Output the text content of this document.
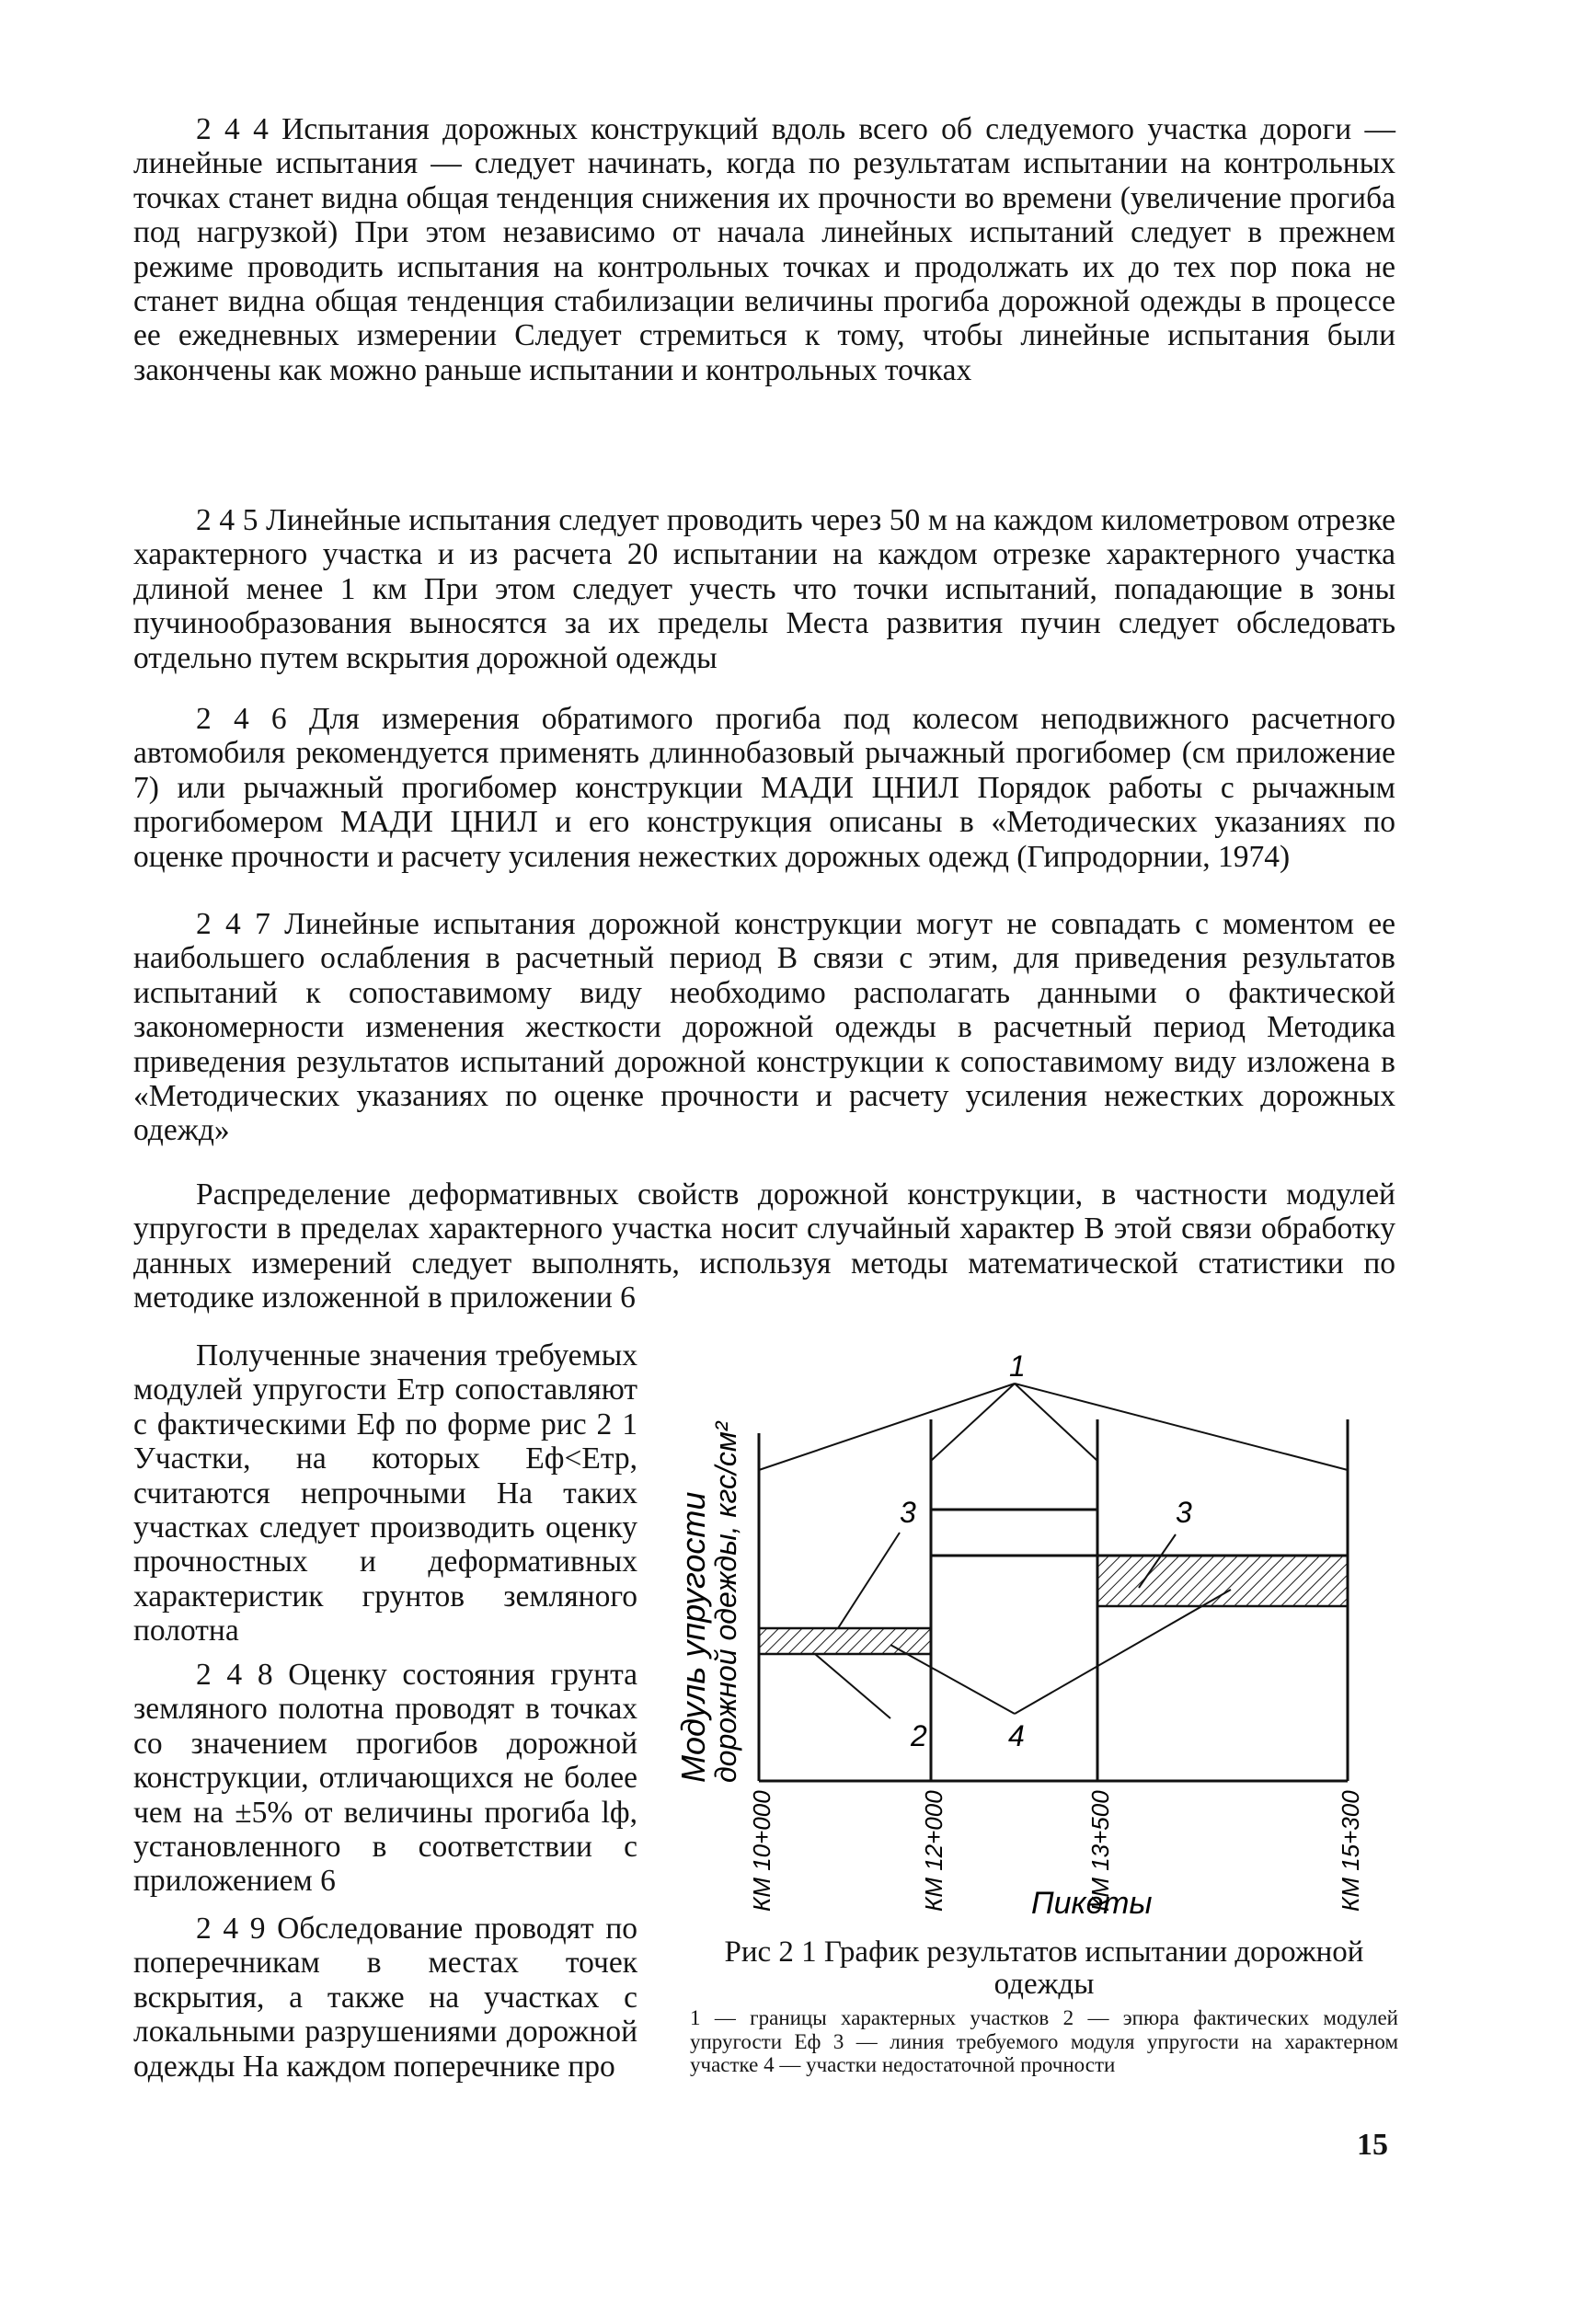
2 4 4 Испытания дорожных конструкций вдоль всего об следуемого участка дороги — линейные испытания — следует начинать, когда по результатам испытании на контрольных точках станет видна общая тенденция снижения их прочности во времени (увеличение прогиба под нагрузкой) При этом независимо от начала линейных испытаний следует в прежнем режиме проводить испытания на контрольных точках и продолжать их до тех пор пока не станет видна общая тенденция стабилизации величины прогиба дорожной одежды в процессе ее ежедневных измерении Следует стремиться к тому, чтобы линейные испытания были закончены как можно раньше испытании и контрольных точках

2 4 5 Линейные испытания следует проводить через 50 м на каждом километровом отрезке характерного участка и из расчета 20 испытании на каждом отрезке характерного участка длиной менее 1 км При этом следует учесть что точки испытаний, попадающие в зоны пучинообразования выносятся за их пределы Места развития пучин следует обследовать отдельно путем вскрытия дорожной одежды

2 4 6 Для измерения обратимого прогиба под колесом неподвижного расчетного автомобиля рекомендуется применять длиннобазовый рычажный прогибомер (см приложение 7) или рычажный прогибомер конструкции МАДИ ЦНИЛ Порядок работы с рычажным прогибомером МАДИ ЦНИЛ и его конструкция описаны в «Методических указаниях по оценке прочности и расчету усиления нежестких дорожных одежд (Гипродорнии, 1974)

2 4 7 Линейные испытания дорожной конструкции могут не совпадать с моментом ее наибольшего ослабления в расчетный период В связи с этим, для приведения результатов испытаний к сопоставимому виду необходимо располагать данными о фактической закономерности изменения жесткости дорожной одежды в расчетный период Методика приведения результатов испытаний дорожной конструкции к сопоставимому виду изложена в «Методических указаниях по оценке прочности и расчету усиления нежестких дорожных одежд»

Распределение деформативных свойств дорожной конструкции, в частности модулей упругости в пределах характерного участка носит случайный характер В этой связи обработку данных измерений следует выполнять, используя методы математической статистики по методике изложенной в приложении 6

Полученные значения требуемых модулей упругости Eтр сопоставляют с фактическими Eф по форме рис 2 1 Участки, на которых Eф<Eтр, считаются непрочными На таких участках следует производить оценку прочностных и деформативных характеристик грунтов земляного полотна

2 4 8 Оценку состояния грунта земляного полотна проводят в точках со значением прогибов дорожной конструкции, отличающихся не более чем на ±5% от величины прогиба lф, установленного в соответствии с приложением 6

2 4 9 Обследование проводят по поперечникам в местах точек вскрытия, а также на участках с локальными разрушениями дорожной одежды На каждом поперечнике про

1
2
3	3
4
Модуль упругости
дорожной одежды, кгс/см²
КМ 10+000	КМ 12+000	КМ 13+500	КМ 15+300
Пикеты

Рис 2 1 График результатов испытании дорожной одежды

1 — границы характерных участков 2 — эпюра фактических модулей упругости Eф 3 — линия требуемого модуля упругости на характерном участке 4 — участки недостаточной прочности

15
